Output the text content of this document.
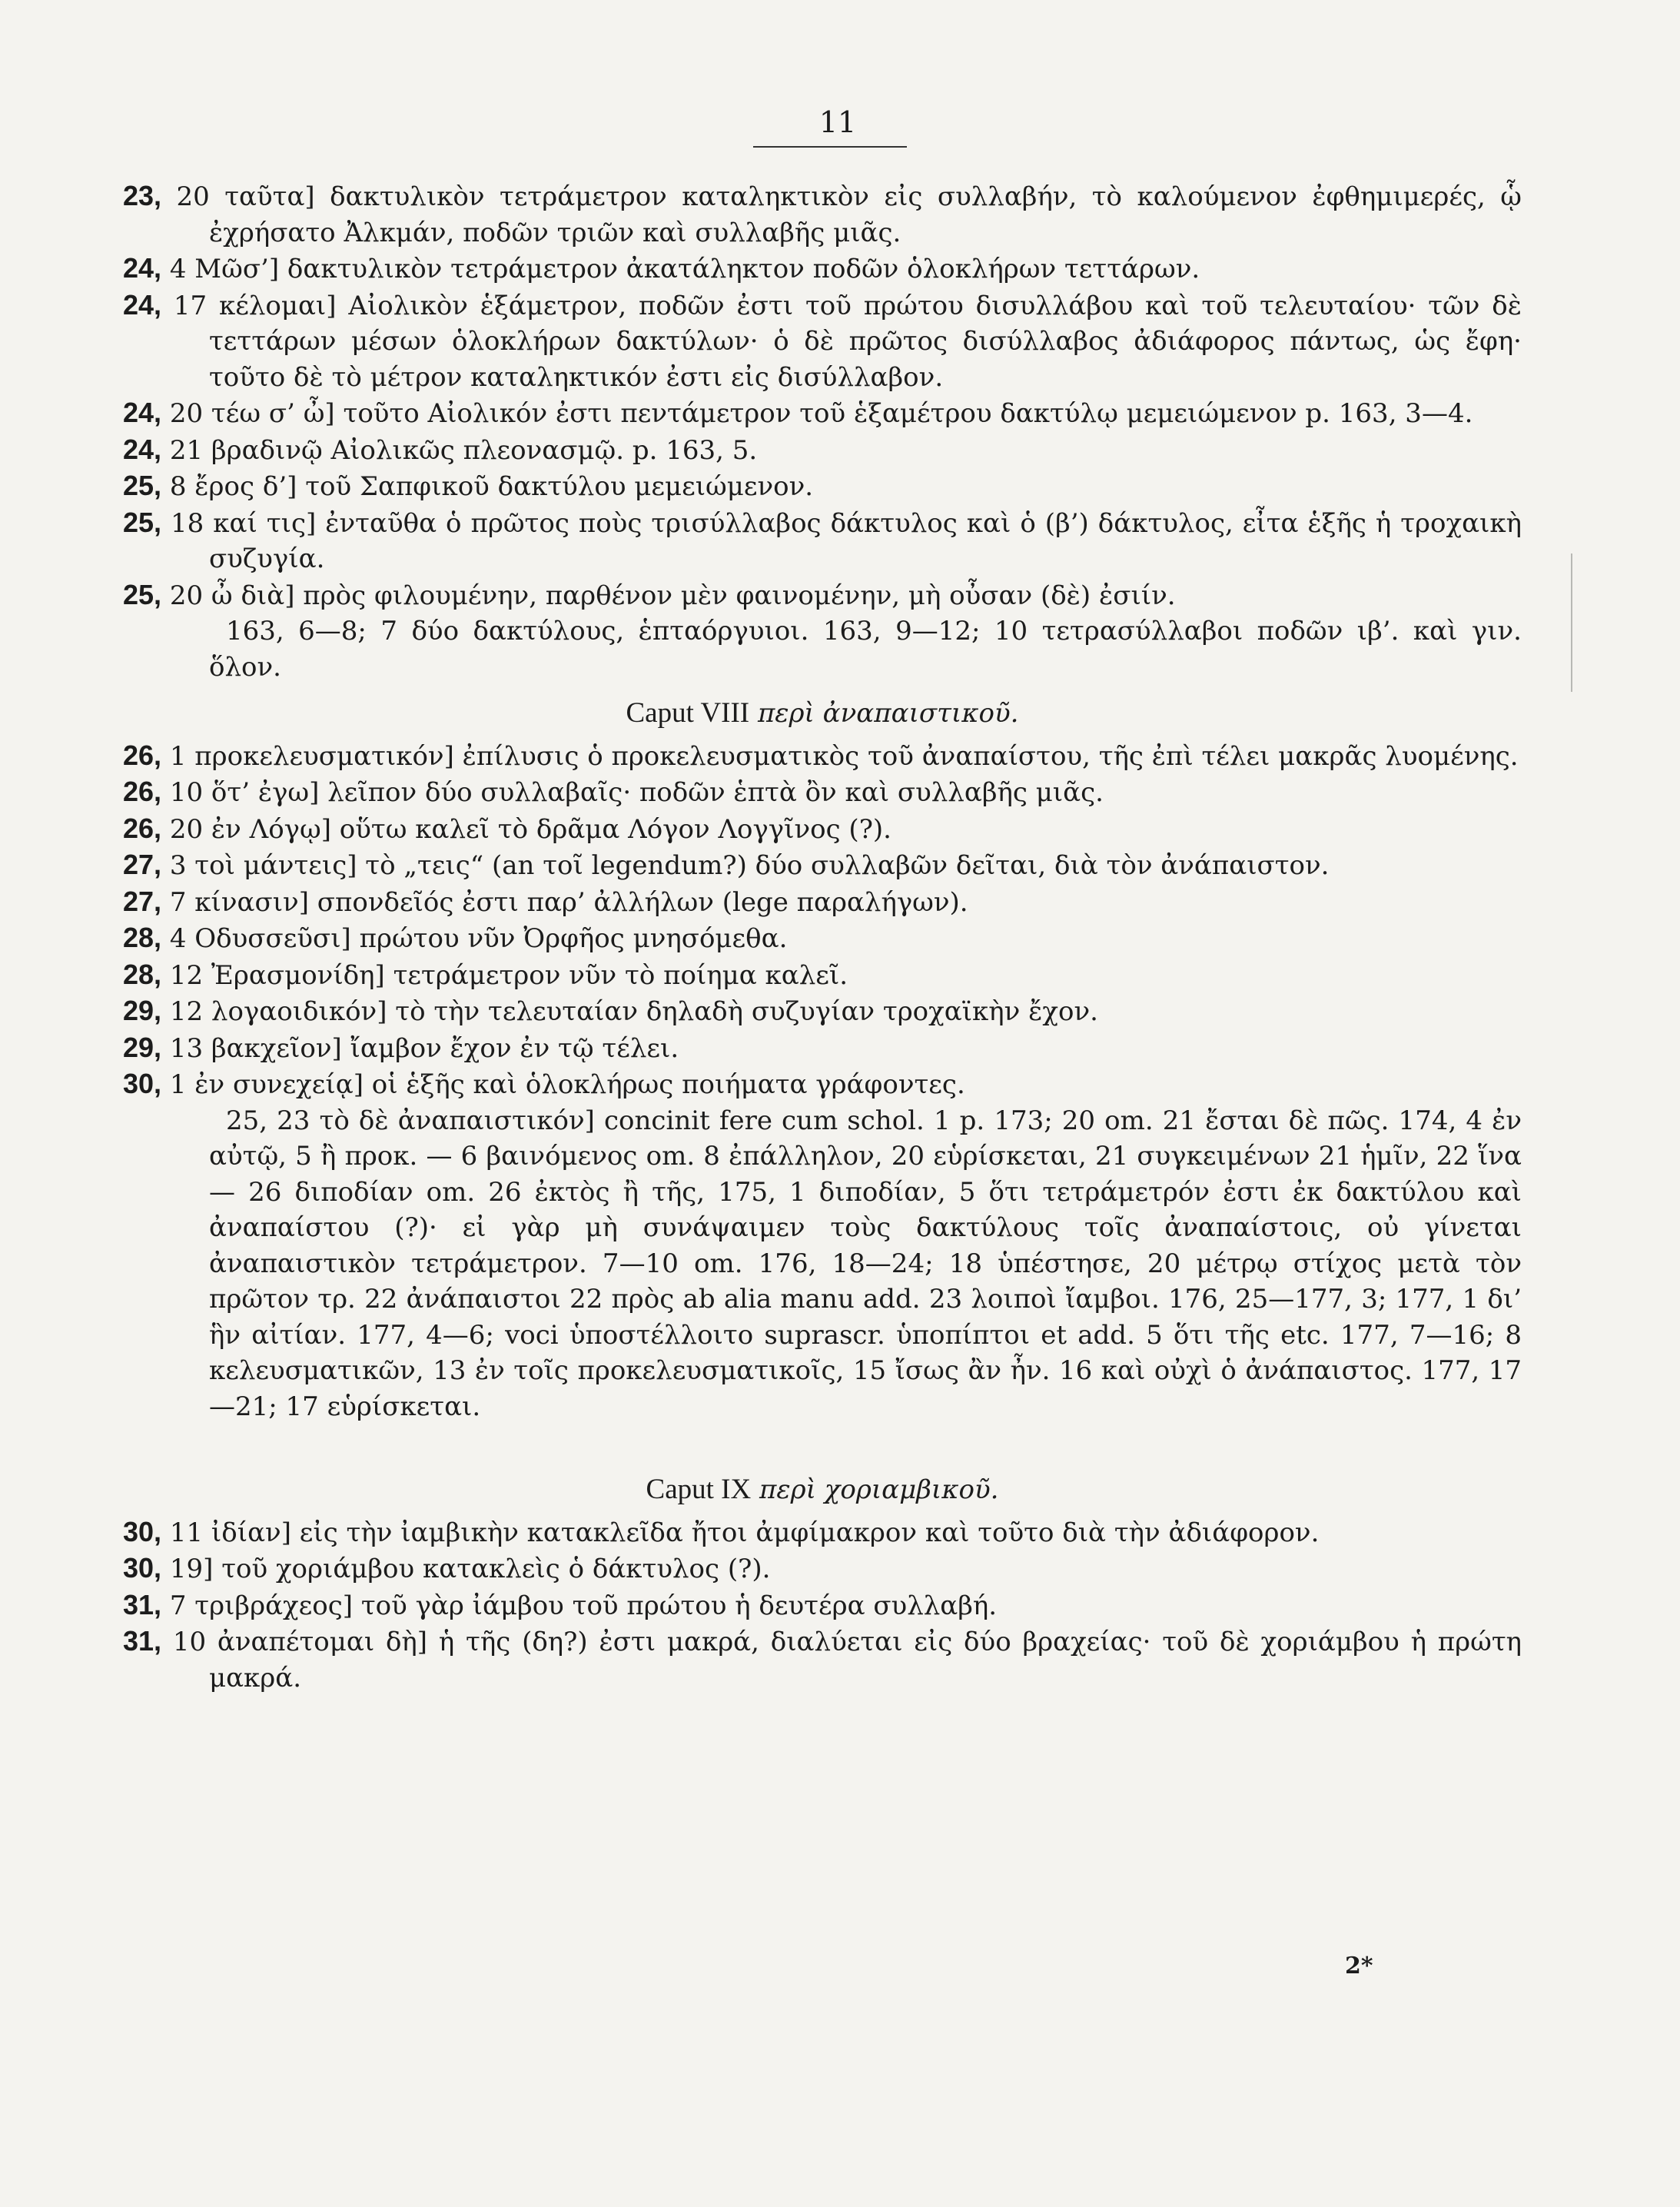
11
23, 20 ταῦτα] δακτυλικὸν τετράμετρον καταληκτικὸν εἰς συλλαβήν, τὸ καλούμενον ἐφθημιμερές, ᾧ ἐχρήσατο Ἀλκμάν, ποδῶν τριῶν καὶ συλλαβῆς μιᾶς.
24, 4 Μῶσ’] δακτυλικὸν τετράμετρον ἀκατάληκτον ποδῶν ὁλοκλήρων τεττάρων.
24, 17 κέλομαι] Αἰολικὸν ἑξάμετρον, ποδῶν ἐστι τοῦ πρώτου δισυλλάβου καὶ τοῦ τελευταίου· τῶν δὲ τεττάρων μέσων ὁλοκλήρων δακτύλων· ὁ δὲ πρῶτος δισύλλαβος ἀδιάφορος πάντως, ὡς ἔφη· τοῦτο δὲ τὸ μέτρον καταληκτικόν ἐστι εἰς δισύλλαβον.
24, 20 τέω σ’ ὦ] τοῦτο Αἰολικόν ἐστι πεντάμετρον τοῦ ἑξαμέτρου δακτύλῳ μεμειώμενον p. 163, 3—4.
24, 21 βραδινῷ Αἰολικῶς πλεονασμῷ. p. 163, 5.
25, 8 ἔρος δ’] τοῦ Σαπφικοῦ δακτύλου μεμειώμενον.
25, 18 καί τις] ἐνταῦθα ὁ πρῶτος ποὺς τρισύλλαβος δάκτυλος καὶ ὁ (β’) δάκτυλος, εἶτα ἑξῆς ἡ τροχαικὴ συζυγία.
25, 20 ὦ διὰ] πρὸς φιλουμένην, παρθένον μὲν φαινομένην, μὴ οὖσαν (δὲ) ἐσιίν.
163, 6—8; 7 δύο δακτύλους, ἑπταόργυιοι. 163, 9—12; 10 τετρασύλλαβοι ποδῶν ιβ’. καὶ γιν. ὅλον.
Caput VIII περὶ ἀναπαιστικοῦ.
26, 1 προκελευσματικόν] ἐπίλυσις ὁ προκελευσματικὸς τοῦ ἀναπαίστου, τῆς ἐπὶ τέλει μακρᾶς λυομένης.
26, 10 ὅτ’ ἐγω] λεῖπον δύο συλλαβαῖς· ποδῶν ἑπτὰ ὂν καὶ συλλαβῆς μιᾶς.
26, 20 ἐν Λόγῳ] οὕτω καλεῖ τὸ δρᾶμα Λόγον Λογγῖνος (?).
27, 3 τοὶ μάντεις] τὸ „τεις“ (an τοῖ legendum?) δύο συλλαβῶν δεῖται, διὰ τὸν ἀνάπαιστον.
27, 7 κίνασιν] σπονδεῖός ἐστι παρ’ ἀλλήλων (lege παραλήγων).
28, 4 Οδυσσεῦσι] πρώτου νῦν Ὀρφῆος μνησόμεθα.
28, 12 Ἐρασμονίδη] τετράμετρον νῦν τὸ ποίημα καλεῖ.
29, 12 λογαοιδικόν] τὸ τὴν τελευταίαν δηλαδὴ συζυγίαν τροχαϊκὴν ἔχον.
29, 13 βακχεῖον] ἴαμβον ἔχον ἐν τῷ τέλει.
30, 1 ἐν συνεχείᾳ] οἱ ἑξῆς καὶ ὁλοκλήρως ποιήματα γράφοντες.
25, 23 τὸ δὲ ἀναπαιστικόν] concinit fere cum schol. 1 p. 173; 20 om. 21 ἔσται δὲ πῶς. 174, 4 ἐν αὐτῷ, 5 ἢ προκ. — 6 βαινόμενος om. 8 ἐπάλληλον, 20 εὑρίσκεται, 21 συγκειμένων 21 ἡμῖν, 22 ἵνα — 26 διποδίαν om. 26 ἐκτὸς ἢ τῆς, 175, 1 διποδίαν, 5 ὅτι τετράμετρόν ἐστι ἐκ δακτύλου καὶ ἀναπαίστου (?)· εἰ γὰρ μὴ συνάψαιμεν τοὺς δακτύλους τοῖς ἀναπαίστοις, οὐ γίνεται ἀναπαιστικὸν τετράμετρον. 7—10 om. 176, 18—24; 18 ὑπέστησε, 20 μέτρῳ στίχος μετὰ τὸν πρῶτον τρ. 22 ἀνάπαιστοι 22 πρὸς ab alia manu add. 23 λοιποὶ ἴαμβοι. 176, 25—177, 3; 177, 1 δι’ ἣν αἰτίαν. 177, 4—6; voci ὑποστέλλοιτο suprascr. ὑποπίπτοι et add. 5 ὅτι τῆς etc. 177, 7—16; 8 κελευσματικῶν, 13 ἐν τοῖς προκελευσματικοῖς, 15 ἴσως ἂν ἦν. 16 καὶ οὐχὶ ὁ ἀνάπαιστος. 177, 17—21; 17 εὑρίσκεται.
Caput IX περὶ χοριαμβικοῦ.
30, 11 ἰδίαν] εἰς τὴν ἰαμβικὴν κατακλεῖδα ἤτοι ἀμφίμακρον καὶ τοῦτο διὰ τὴν ἀδιάφορον.
30, 19] τοῦ χοριάμβου κατακλεὶς ὁ δάκτυλος (?).
31, 7 τριβράχεος] τοῦ γὰρ ἰάμβου τοῦ πρώτου ἡ δευτέρα συλλαβή.
31, 10 ἀναπέτομαι δὴ] ἡ τῆς (δη?) ἐστι μακρά, διαλύεται εἰς δύο βραχείας· τοῦ δὲ χοριάμβου ἡ πρώτη μακρά.
2*
